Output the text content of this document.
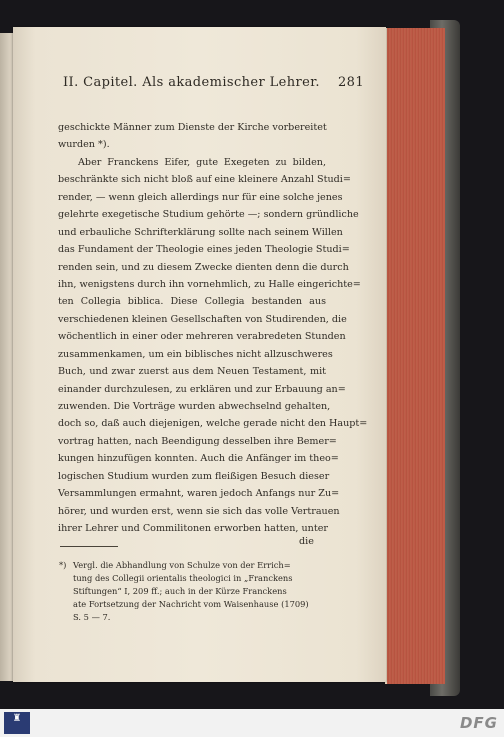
II. Capitel. Als akademischer Lehrer. 281
geschickte Männer zum Dienste der Kirche vorbereitet
wurden *).
Aber Franckens Eifer, gute Exegeten zu bilden,
beschränkte sich nicht bloß auf eine kleinere Anzahl Studi=
render, — wenn gleich allerdings nur für eine solche jenes
gelehrte exegetische Studium gehörte —; sondern gründliche
und erbauliche Schrifterklärung sollte nach seinem Willen
das Fundament der Theologie eines jeden Theologie Studi=
renden sein, und zu diesem Zwecke dienten denn die durch
ihn, wenigstens durch ihn vornehmlich, zu Halle eingerichte=
ten Collegia biblica. Diese Collegia bestanden aus
verschiedenen kleinen Gesellschaften von Studirenden, die
wöchentlich in einer oder mehreren verabredeten Stunden
zusammenkamen, um ein biblisches nicht allzuschweres
Buch, und zwar zuerst aus dem Neuen Testament, mit
einander durchzulesen, zu erklären und zur Erbauung an=
zuwenden. Die Vorträge wurden abwechselnd gehalten,
doch so, daß auch diejenigen, welche gerade nicht den Haupt=
vortrag hatten, nach Beendigung desselben ihre Bemer=
kungen hinzufügen konnten. Auch die Anfänger im theo=
logischen Studium wurden zum fleißigen Besuch dieser
Versammlungen ermahnt, waren jedoch Anfangs nur Zu=
hörer, und wurden erst, wenn sie sich das volle Vertrauen
ihrer Lehrer und Commilitonen erworben hatten, unter
die
*) Vergl. die Abhandlung von Schulze von der Errich=
tung des Collegii orientalis theologici in „Franckens
Stiftungen“ I, 209 ff.; auch in der Kürze Franckens
ate Fortsetzung der Nachricht vom Waisenhause (1709)
S. 5 — 7.
♜	DFG
